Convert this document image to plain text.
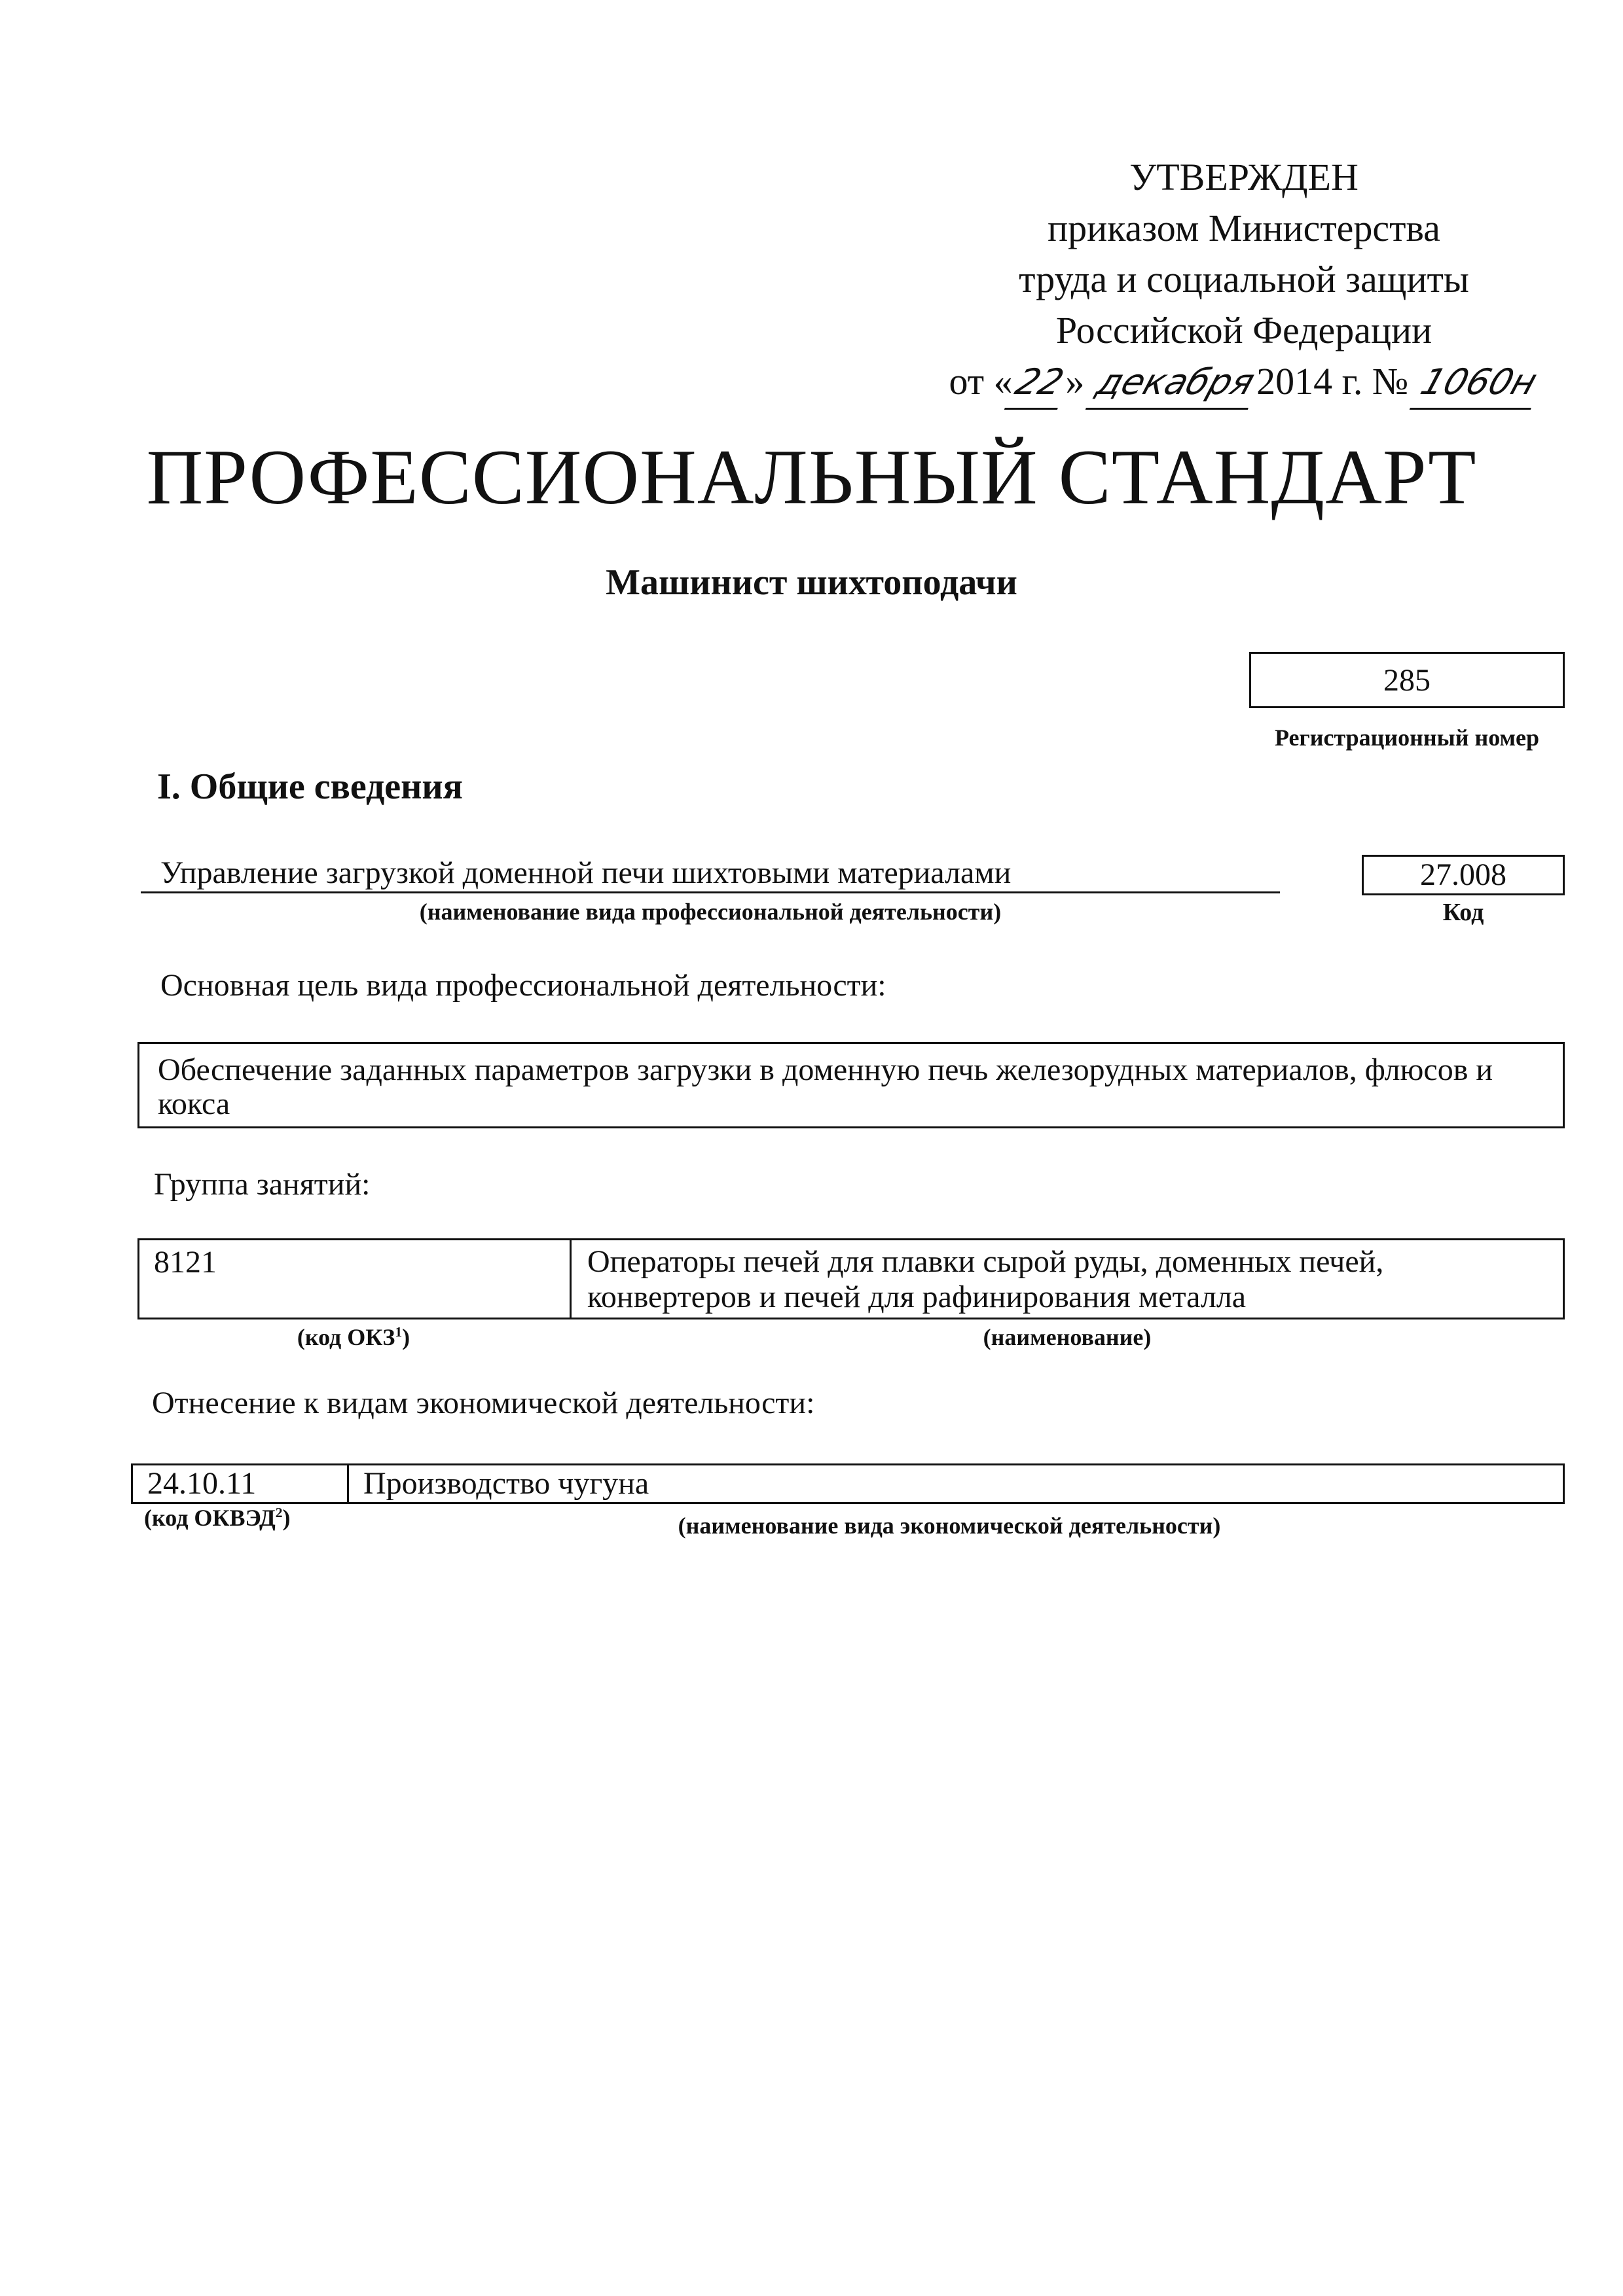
УТВЕРЖДЕН
приказом Министерства
труда и социальной защиты
Российской Федерации
от «22» декабря2014 г. № 1060н
ПРОФЕССИОНАЛЬНЫЙ СТАНДАРТ
Машинист шихтоподачи
285
Регистрационный номер
I. Общие сведения
Управление загрузкой доменной печи шихтовыми материалами
(наименование вида профессиональной деятельности)
27.008
Код
Основная цель вида профессиональной деятельности:
Обеспечение заданных параметров загрузки в доменную печь железорудных материалов, флюсов и кокса
Группа занятий:
8121	Операторы печей для плавки сырой руды, доменных печей, конвертеров и печей для рафинирования металла
(код ОКЗ$^1$)	(наименование)
Отнесение к видам экономической деятельности:
24.10.11	Производство чугуна
(код ОКВЭД$^2$)	(наименование вида экономической деятельности)
